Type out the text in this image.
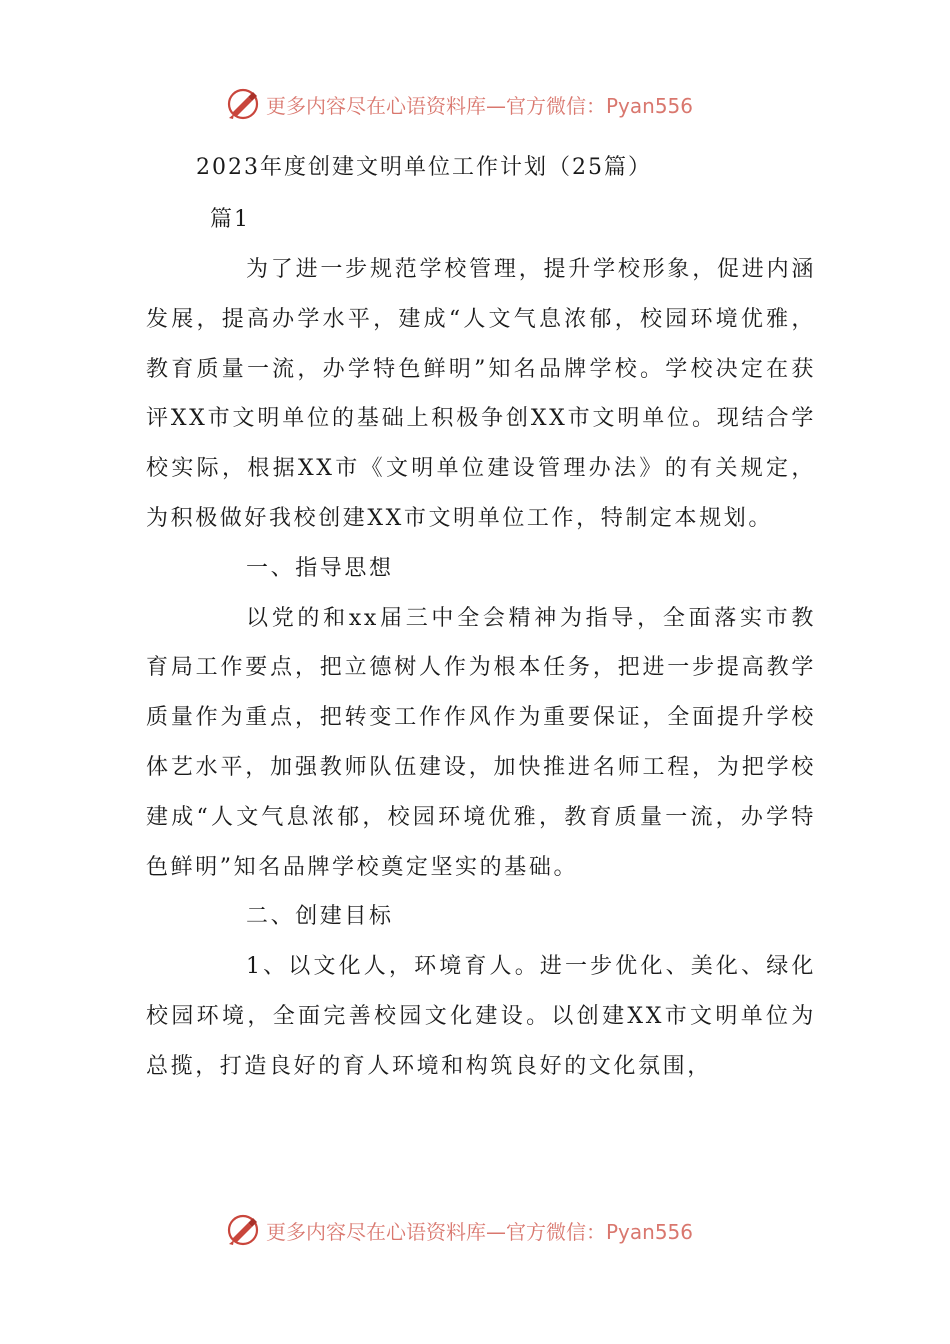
更多内容尽在心语资料库—官方微信：Pyan556
2023年度创建文明单位工作计划（25篇）
篇1

为了进一步规范学校管理，提升学校形象，促进内涵发展，提高办学水平，建成“人文气息浓郁，校园环境优雅，教育质量一流，办学特色鲜明”知名品牌学校。学校决定在获评XX市文明单位的基础上积极争创XX市文明单位。现结合学校实际，根据XX市《文明单位建设管理办法》的有关规定，为积极做好我校创建XX市文明单位工作，特制定本规划。

一、指导思想

以党的和xx届三中全会精神为指导，全面落实市教育局工作要点，把立德树人作为根本任务，把进一步提高教学质量作为重点，把转变工作作风作为重要保证，全面提升学校体艺水平，加强教师队伍建设，加快推进名师工程，为把学校建成“人文气息浓郁，校园环境优雅，教育质量一流，办学特色鲜明”知名品牌学校奠定坚实的基础。

二、创建目标

1、以文化人，环境育人。进一步优化、美化、绿化校园环境，全面完善校园文化建设。以创建XX市文明单位为总揽，打造良好的育人环境和构筑良好的文化氛围，

更多内容尽在心语资料库—官方微信：Pyan556
